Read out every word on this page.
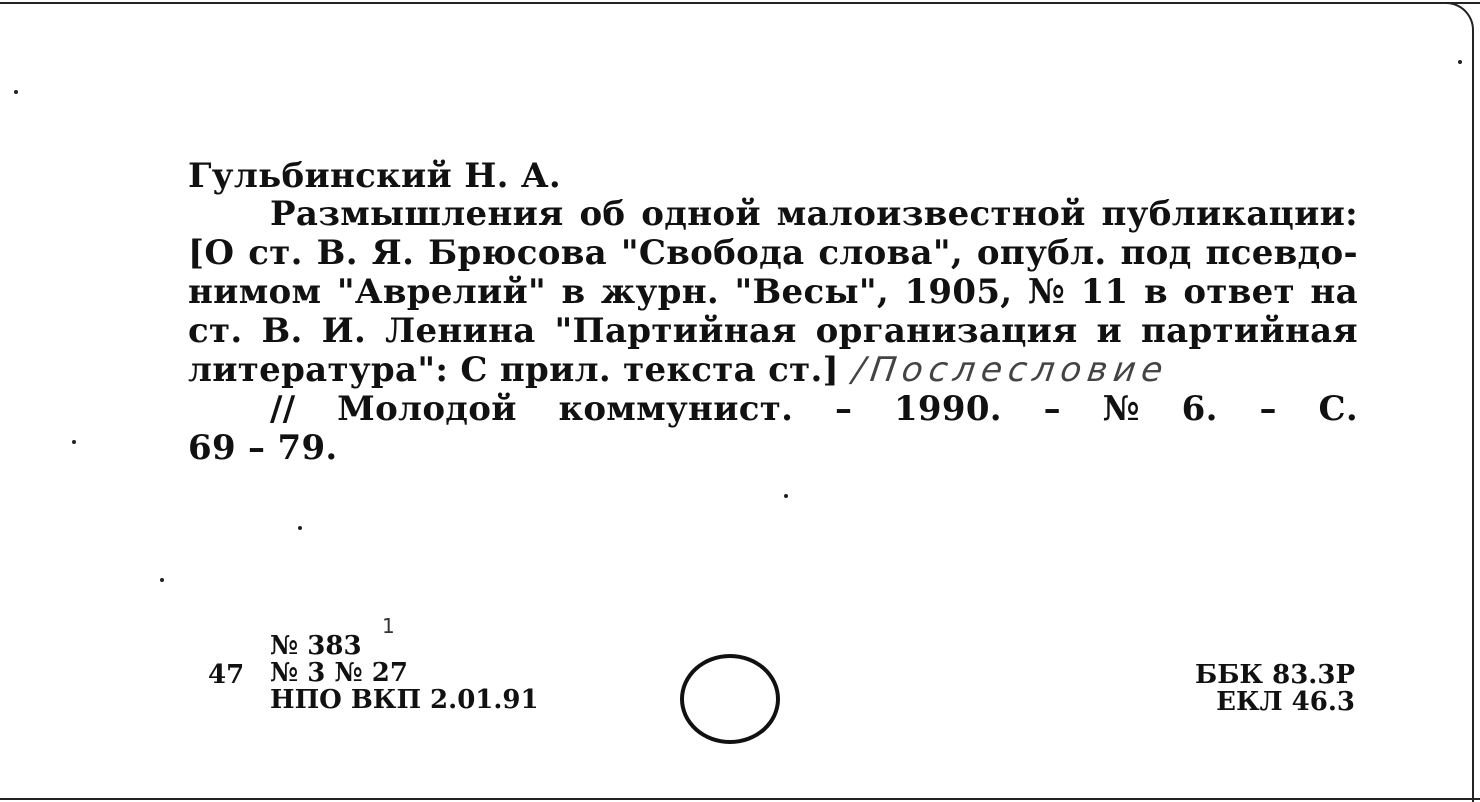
Гульбинский Н. А.
Размышления об одной малоизвестной публикации:
[О ст. В. Я. Брюсова "Свобода слова", опубл. под псевдо-
нимом "Аврелий" в журн. "Весы", 1905, № 11 в ответ на
ст. В. И. Ленина "Партийная организация и партийная
литература": С прил. текста ст.] /Послесловие
// Молодой коммунист. – 1990. – № 6. – С.
69 – 79.
№ 383
№ 3 № 27
НПО ВКП 2.01.91
1
47	ББК 83.3Р
ЕКЛ 46.3
